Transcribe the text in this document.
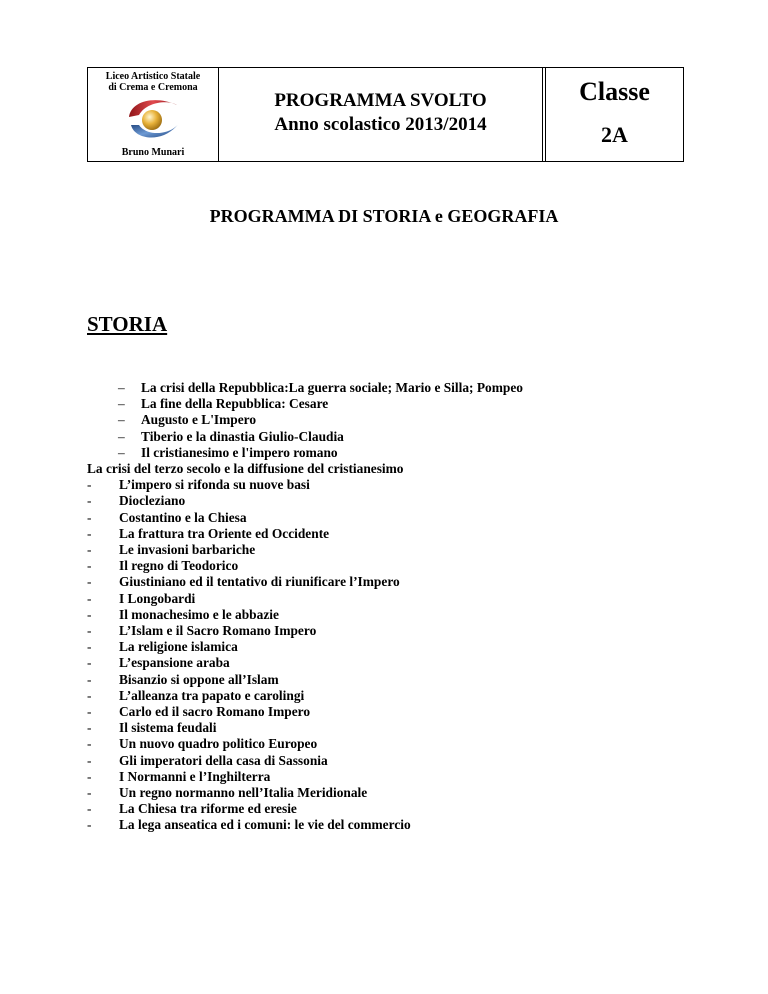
Liceo Artistico Statale
di Crema e Cremona
Bruno Munari
PROGRAMMA SVOLTO
Anno scolastico 2013/2014
Classe
2A
PROGRAMMA DI STORIA e GEOGRAFIA
STORIA
– La crisi della Repubblica:La guerra sociale; Mario e Silla; Pompeo
– La fine della Repubblica: Cesare
– Augusto e L'Impero
– Tiberio e la dinastia Giulio-Claudia
– Il cristianesimo e l'impero romano
La crisi del terzo secolo e la diffusione del cristianesimo
- L’impero si rifonda su nuove basi
- Diocleziano
- Costantino e la Chiesa
- La frattura tra Oriente ed Occidente
- Le invasioni barbariche
- Il regno di Teodorico
- Giustiniano ed il tentativo di riunificare l’Impero
- I Longobardi
- Il monachesimo e le abbazie
- L’Islam e il Sacro Romano Impero
- La religione islamica
- L’espansione araba
- Bisanzio si oppone all’Islam
- L’alleanza tra papato e carolingi
- Carlo ed il sacro Romano Impero
- Il sistema feudali
- Un nuovo quadro politico Europeo
- Gli imperatori della casa di Sassonia
- I Normanni e l’Inghilterra
- Un regno normanno nell’Italia Meridionale
- La Chiesa tra riforme ed eresie
- La lega anseatica ed i comuni: le vie del commercio
